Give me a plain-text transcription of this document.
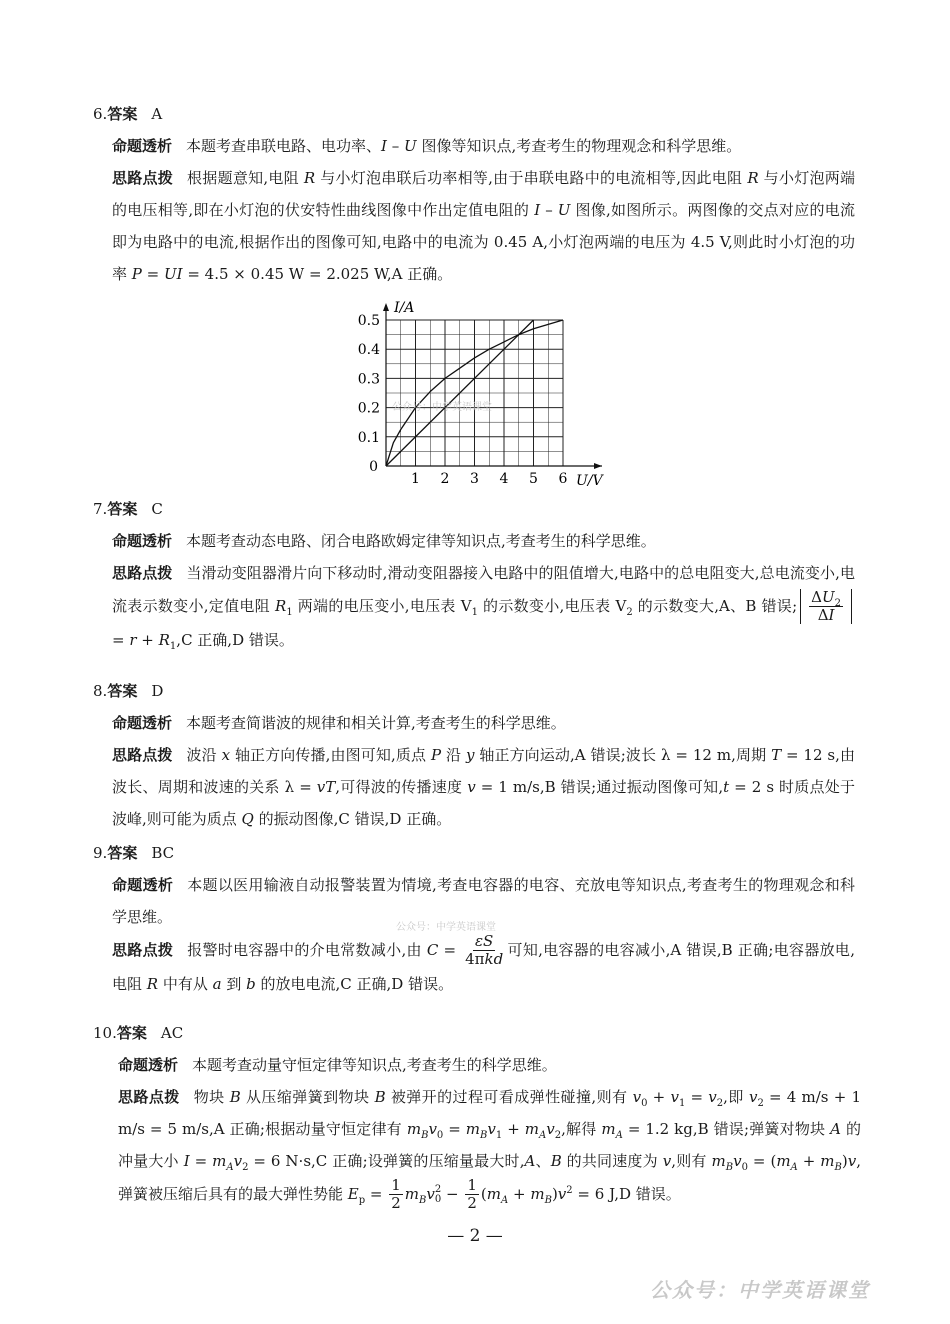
6.答案 A
命题透析 本题考查串联电路、电功率、I – U 图像等知识点,考查考生的物理观念和科学思维。
思路点拨 根据题意知,电阻 R 与小灯泡串联后功率相等,由于串联电路中的电流相等,因此电阻 R 与小灯泡两端的电压相等,即在小灯泡的伏安特性曲线图像中作出定值电阻的 I – U 图像,如图所示。两图像的交点对应的电流即为电路中的电流,根据作出的图像可知,电路中的电流为 0.45 A,小灯泡两端的电压为 4.5 V,则此时小灯泡的功率 P = UI = 4.5 × 0.45 W = 2.025 W,A 正确。
7.答案 C
命题透析 本题考查动态电路、闭合电路欧姆定律等知识点,考查考生的科学思维。
思路点拨 当滑动变阻器滑片向下移动时,滑动变阻器接入电路中的阻值增大,电路中的总电阻变大,总电流变小,电流表示数变小,定值电阻 $R_1$ 两端的电压变小,电压表 $V_1$ 的示数变小,电压表 $V_2$ 的示数变大,A、B 错误; $\frac{\Delta U_2}{\Delta I}$
= $r + R_1,C$ 正确,D 错误。
8.答案 D
命题透析 本题考查简谐波的规律和相关计算,考查考生的科学思维。
思路点拨 波沿 x 轴正方向传播,由图可知,质点 P 沿 y 轴正方向运动,A 错误;波长 λ = 12 m,周期 T = 12 s,由波长、周期和波速的关系 λ = vT,可得波的传播速度 v = 1 m/s,B 错误;通过振动图像可知,t = 2 s 时质点处于波峰,则可能为质点 Q 的振动图像,C 错误,D 正确。
9.答案 BC
命题透析 本题以医用输液自动报警装置为情境,考查电容器的电容、充放电等知识点,考查考生的物理观念和科学思维。
思路点拨 报警时电容器中的介电常数减小,由 $C = \frac{\varepsilon S}{\text{4πkd}}$ 可知,电容器的电容减小,A 错误,B 正确;电容器放电,电阻 R 中有从 a 到 b 的放电电流,C 正确,D 错误。
10.答案 AC
命题透析 本题考查动量守恒定律等知识点,考查考生的科学思维。
思路点拨 物块 B 从压缩弹簧到物块 B 被弹开的过程可看成弹性碰撞,则有 $v_0 + v_1 = v_2$,即 $v_2 = 4$ m/s + 1 m/s = 5 m/s,A 正确;根据动量守恒定律有 $m_Bv_0 = m_Bv_1 + m_Av_2$,解得 $m_A = 1.2$ kg,B 错误;弹簧对物块 A 的冲量大小 $I = m_Av_2 = 6$ N·s,C 正确;设弹簧的压缩量最大时,A、B 的共同速度为 v,则有 $m_Bv_0 = (m_A + m_B)v$,弹簧被压缩后具有的最大弹性势能 $E_p = \frac{1}{2} m_Bv$ 2
$0 - \frac{1}{2} (m_A + m_B)v^2 = 6$ J,D 错误。
1 2 3 4 5 6
0.1
0.2
0.3
0.4
0.5
0
I/A
U/V
公众号：中学英语课堂
公众号：中学英语课堂
公众号：中学英语课堂
— 2 —
